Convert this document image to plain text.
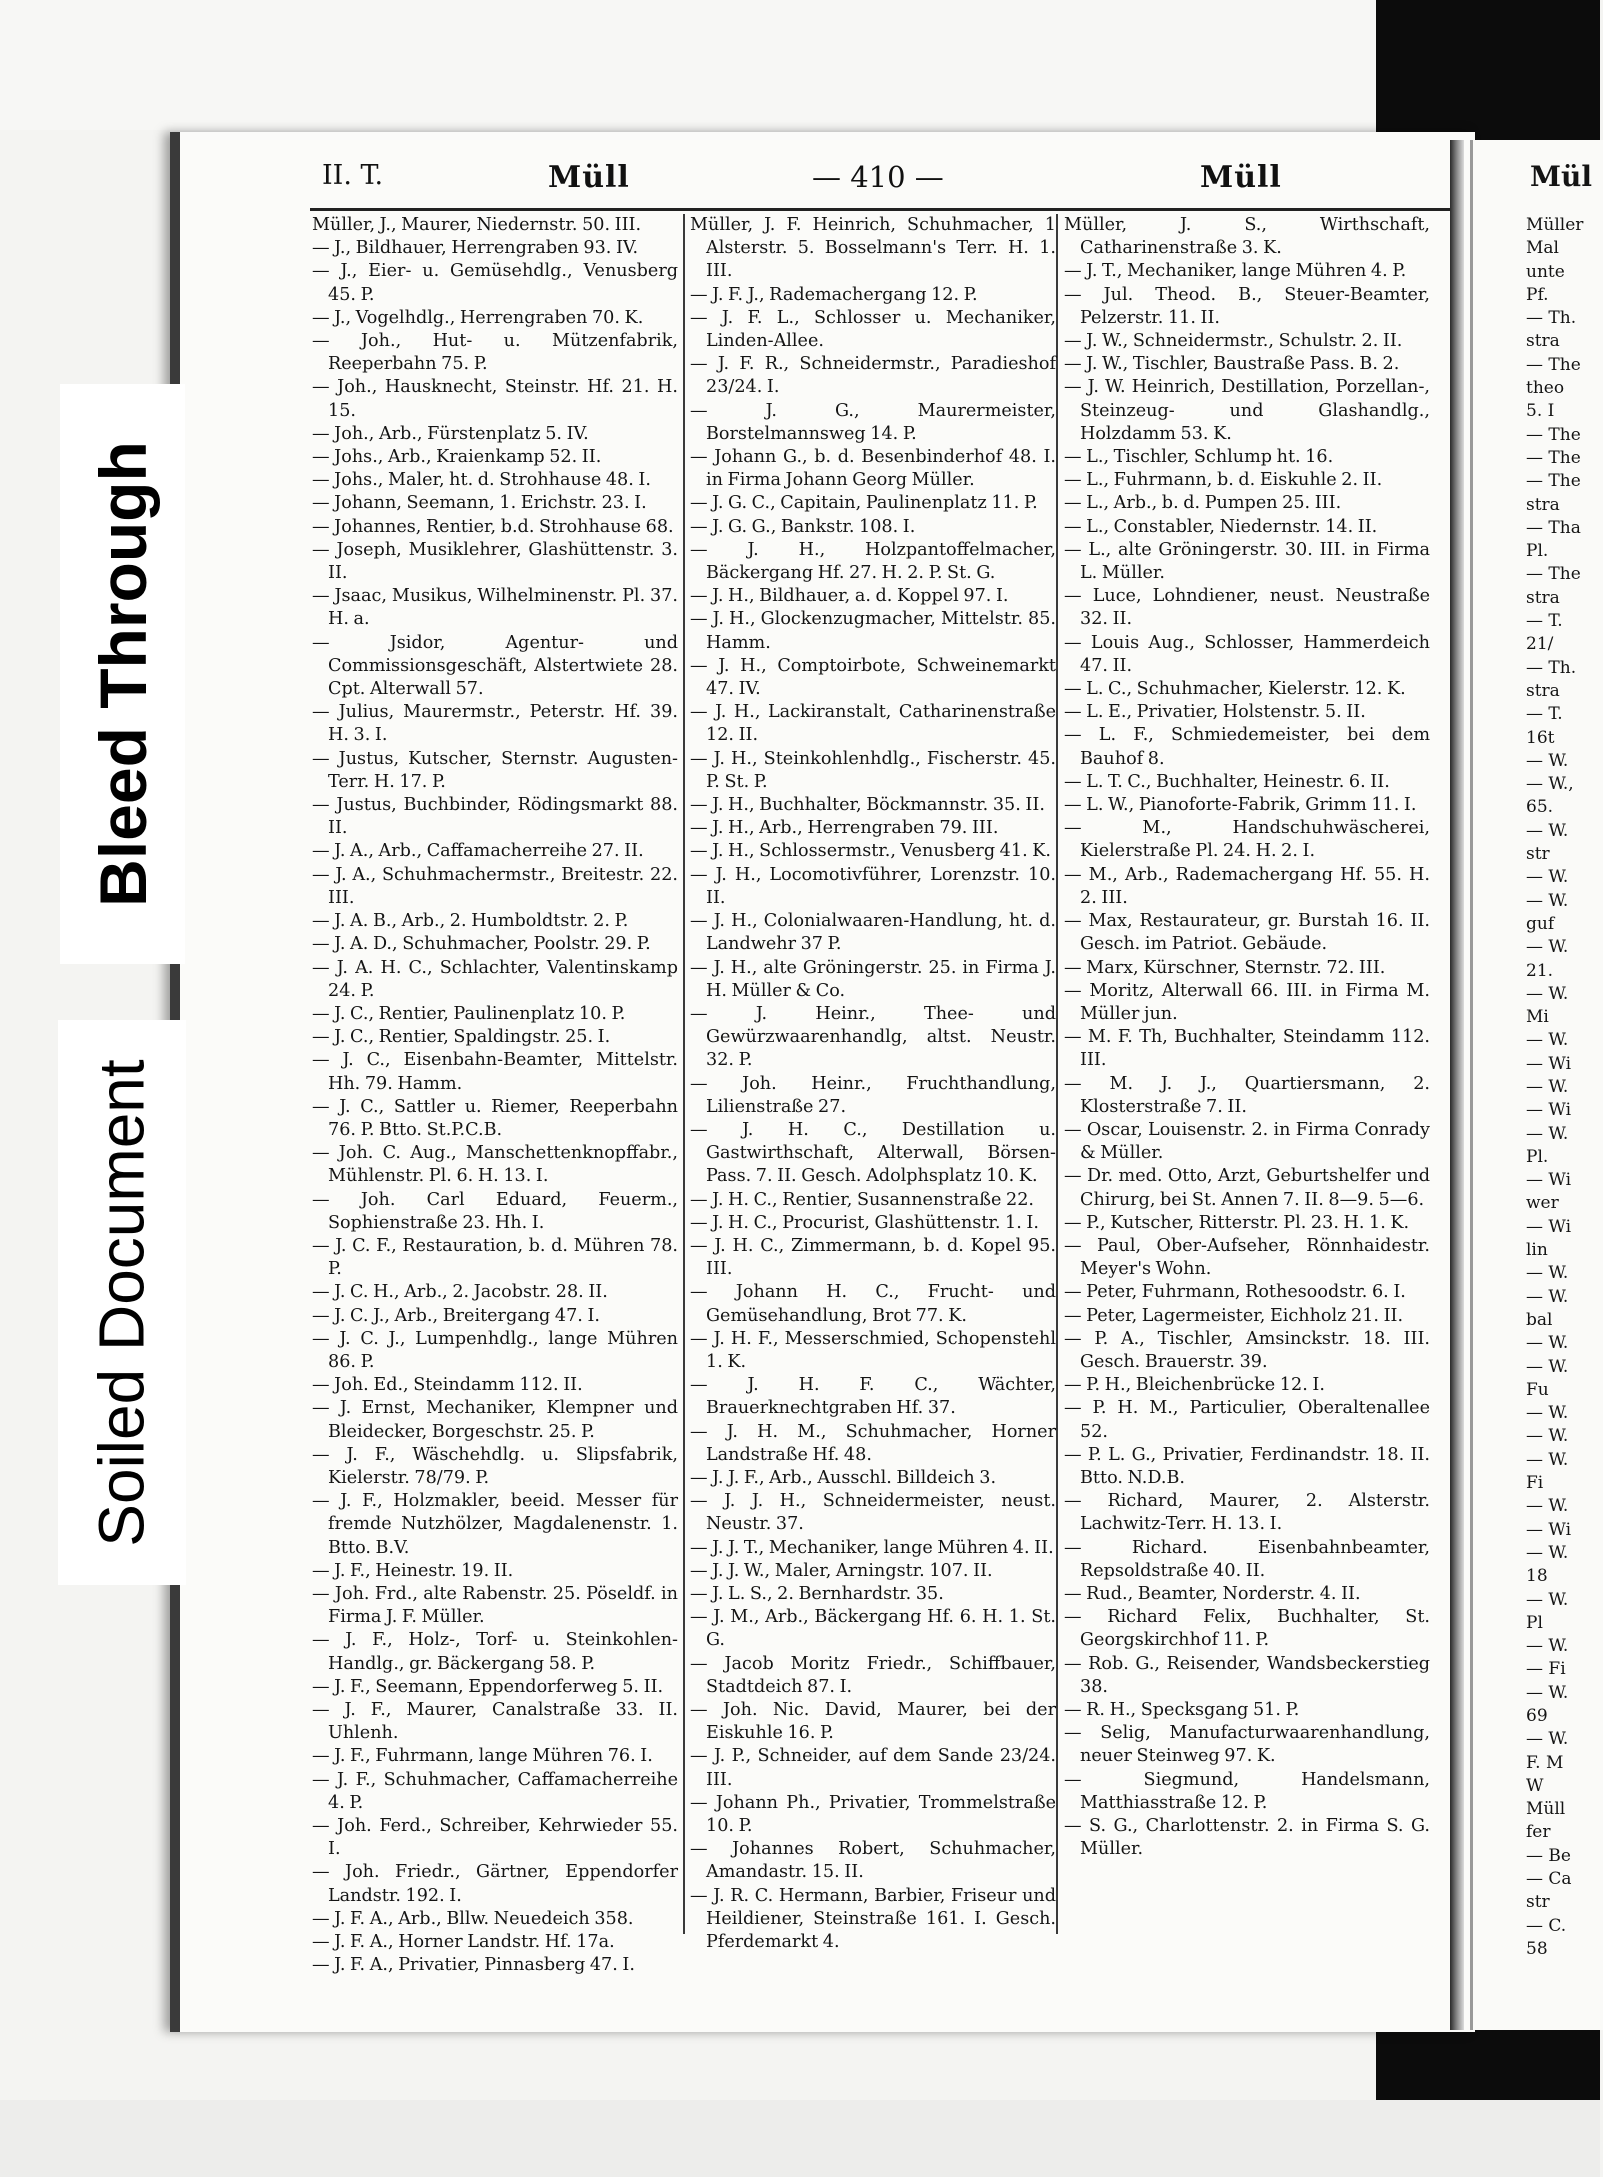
II. T.	Müll	— 410 —	Müll

Müller, J., Maurer, Niedernstr. 50. III.

— J., Bildhauer, Herrengraben 93. IV.

— J., Eier- u. Gemüsehdlg., Venusberg 45. P.

— J., Vogelhdlg., Herrengraben 70. K.

— Joh., Hut- u. Mützenfabrik, Reeperbahn 75. P.

— Joh., Hausknecht, Steinstr. Hf. 21. H. 15.

— Joh., Arb., Fürstenplatz 5. IV.

— Johs., Arb., Kraienkamp 52. II.

— Johs., Maler, ht. d. Strohhause 48. I.

— Johann, Seemann, 1. Erichstr. 23. I.

— Johannes, Rentier, b.d. Strohhause 68.

— Joseph, Musiklehrer, Glashüttenstr. 3. II.

— Jsaac, Musikus, Wilhelminenstr. Pl. 37. H. a.

— Jsidor, Agentur- und Commissionsgeschäft, Alstertwiete 28. Cpt. Alterwall 57.

— Julius, Maurermstr., Peterstr. Hf. 39. H. 3. I.

— Justus, Kutscher, Sternstr. Augusten-Terr. H. 17. P.

— Justus, Buchbinder, Rödingsmarkt 88. II.

— J. A., Arb., Caffamacherreihe 27. II.

— J. A., Schuhmachermstr., Breitestr. 22. III.

— J. A. B., Arb., 2. Humboldtstr. 2. P.

— J. A. D., Schuhmacher, Poolstr. 29. P.

— J. A. H. C., Schlachter, Valentinskamp 24. P.

— J. C., Rentier, Paulinenplatz 10. P.

— J. C., Rentier, Spaldingstr. 25. I.

— J. C., Eisenbahn-Beamter, Mittelstr. Hh. 79. Hamm.

— J. C., Sattler u. Riemer, Reeperbahn 76. P. Btto. St.P.C.B.

— Joh. C. Aug., Manschettenknopffabr., Mühlenstr. Pl. 6. H. 13. I.

— Joh. Carl Eduard, Feuerm., Sophienstraße 23. Hh. I.

— J. C. F., Restauration, b. d. Mühren 78. P.

— J. C. H., Arb., 2. Jacobstr. 28. II.

— J. C. J., Arb., Breitergang 47. I.

— J. C. J., Lumpenhdlg., lange Mühren 86. P.

— Joh. Ed., Steindamm 112. II.

— J. Ernst, Mechaniker, Klempner und Bleidecker, Borgeschstr. 25. P.

— J. F., Wäschehdlg. u. Slipsfabrik, Kielerstr. 78/79. P.

— J. F., Holzmakler, beeid. Messer für fremde Nutzhölzer, Magdalenenstr. 1. Btto. B.V.

— J. F., Heinestr. 19. II.

— Joh. Frd., alte Rabenstr. 25. Pöseldf. in Firma J. F. Müller.

— J. F., Holz-, Torf- u. Steinkohlen-Handlg., gr. Bäckergang 58. P.

— J. F., Seemann, Eppendorferweg 5. II.

— J. F., Maurer, Canalstraße 33. II. Uhlenh.

— J. F., Fuhrmann, lange Mühren 76. I.

— J. F., Schuhmacher, Caffamacherreihe 4. P.

— Joh. Ferd., Schreiber, Kehrwieder 55. I.

— Joh. Friedr., Gärtner, Eppendorfer Landstr. 192. I.

— J. F. A., Arb., Bllw. Neuedeich 358.

— J. F. A., Horner Landstr. Hf. 17a.

— J. F. A., Privatier, Pinnasberg 47. I.

Müller, J. F. Heinrich, Schuhmacher, 1 Alsterstr. 5. Bosselmann's Terr. H. 1. III.

— J. F. J., Rademachergang 12. P.

— J. F. L., Schlosser u. Mechaniker, Linden-Allee.

— J. F. R., Schneidermstr., Paradieshof 23/24. I.

— J. G., Maurermeister, Borstelmannsweg 14. P.

— Johann G., b. d. Besenbinderhof 48. I. in Firma Johann Georg Müller.

— J. G. C., Capitain, Paulinenplatz 11. P.

— J. G. G., Bankstr. 108. I.

— J. H., Holzpantoffelmacher, Bäckergang Hf. 27. H. 2. P. St. G.

— J. H., Bildhauer, a. d. Koppel 97. I.

— J. H., Glockenzugmacher, Mittelstr. 85. Hamm.

— J. H., Comptoirbote, Schweinemarkt 47. IV.

— J. H., Lackiranstalt, Catharinenstraße 12. II.

— J. H., Steinkohlenhdlg., Fischerstr. 45. P. St. P.

— J. H., Buchhalter, Böckmannstr. 35. II.

— J. H., Arb., Herrengraben 79. III.

— J. H., Schlossermstr., Venusberg 41. K.

— J. H., Locomotivführer, Lorenzstr. 10. II.

— J. H., Colonialwaaren-Handlung, ht. d. Landwehr 37 P.

— J. H., alte Gröningerstr. 25. in Firma J. H. Müller & Co.

— J. Heinr., Thee- und Gewürzwaarenhandlg, altst. Neustr. 32. P.

— Joh. Heinr., Fruchthandlung, Lilienstraße 27.

— J. H. C., Destillation u. Gastwirthschaft, Alterwall, Börsen-Pass. 7. II. Gesch. Adolphsplatz 10. K.

— J. H. C., Rentier, Susannenstraße 22.

— J. H. C., Procurist, Glashüttenstr. 1. I.

— J. H. C., Zimmermann, b. d. Kopel 95. III.

— Johann H. C., Frucht- und Gemüsehandlung, Brot 77. K.

— J. H. F., Messerschmied, Schopenstehl 1. K.

— J. H. F. C., Wächter, Brauerknechtgraben Hf. 37.

— J. H. M., Schuhmacher, Horner Landstraße Hf. 48.

— J. J. F., Arb., Ausschl. Billdeich 3.

— J. J. H., Schneidermeister, neust. Neustr. 37.

— J. J. T., Mechaniker, lange Mühren 4. II.

— J. J. W., Maler, Arningstr. 107. II.

— J. L. S., 2. Bernhardstr. 35.

— J. M., Arb., Bäckergang Hf. 6. H. 1. St. G.

— Jacob Moritz Friedr., Schiffbauer, Stadtdeich 87. I.

— Joh. Nic. David, Maurer, bei der Eiskuhle 16. P.

— J. P., Schneider, auf dem Sande 23/24. III.

— Johann Ph., Privatier, Trommelstraße 10. P.

— Johannes Robert, Schuhmacher, Amandastr. 15. II.

— J. R. C. Hermann, Barbier, Friseur und Heildiener, Steinstraße 161. I. Gesch. Pferdemarkt 4.

Müller, J. S., Wirthschaft, Catharinenstraße 3. K.

— J. T., Mechaniker, lange Mühren 4. P.

— Jul. Theod. B., Steuer-Beamter, Pelzerstr. 11. II.

— J. W., Schneidermstr., Schulstr. 2. II.

— J. W., Tischler, Baustraße Pass. B. 2.

— J. W. Heinrich, Destillation, Porzellan-, Steinzeug- und Glashandlg., Holzdamm 53. K.

— L., Tischler, Schlump ht. 16.

— L., Fuhrmann, b. d. Eiskuhle 2. II.

— L., Arb., b. d. Pumpen 25. III.

— L., Constabler, Niedernstr. 14. II.

— L., alte Gröningerstr. 30. III. in Firma L. Müller.

— Luce, Lohndiener, neust. Neustraße 32. II.

— Louis Aug., Schlosser, Hammerdeich 47. II.

— L. C., Schuhmacher, Kielerstr. 12. K.

— L. E., Privatier, Holstenstr. 5. II.

— L. F., Schmiedemeister, bei dem Bauhof 8.

— L. T. C., Buchhalter, Heinestr. 6. II.

— L. W., Pianoforte-Fabrik, Grimm 11. I.

— M., Handschuhwäscherei, Kielerstraße Pl. 24. H. 2. I.

— M., Arb., Rademachergang Hf. 55. H. 2. III.

— Max, Restaurateur, gr. Burstah 16. II. Gesch. im Patriot. Gebäude.

— Marx, Kürschner, Sternstr. 72. III.

— Moritz, Alterwall 66. III. in Firma M. Müller jun.

— M. F. Th, Buchhalter, Steindamm 112. III.

— M. J. J., Quartiersmann, 2. Klosterstraße 7. II.

— Oscar, Louisenstr. 2. in Firma Conrady & Müller.

— Dr. med. Otto, Arzt, Geburtshelfer und Chirurg, bei St. Annen 7. II. 8—9. 5—6.

— P., Kutscher, Ritterstr. Pl. 23. H. 1. K.

— Paul, Ober-Aufseher, Rönnhaidestr. Meyer's Wohn.

— Peter, Fuhrmann, Rothesoodstr. 6. I.

— Peter, Lagermeister, Eichholz 21. II.

— P. A., Tischler, Amsinckstr. 18. III. Gesch. Brauerstr. 39.

— P. H., Bleichenbrücke 12. I.

— P. H. M., Particulier, Oberaltenallee 52.

— P. L. G., Privatier, Ferdinandstr. 18. II. Btto. N.D.B.

— Richard, Maurer, 2. Alsterstr. Lachwitz-Terr. H. 13. I.

— Richard. Eisenbahnbeamter, Repsoldstraße 40. II.

— Rud., Beamter, Norderstr. 4. II.

— Richard Felix, Buchhalter, St. Georgskirchhof 11. P.

— Rob. G., Reisender, Wandsbeckerstieg 38.

— R. H., Specksgang 51. P.

— Selig, Manufacturwaarenhandlung, neuer Steinweg 97. K.

— Siegmund, Handelsmann, Matthiasstraße 12. P.

— S. G., Charlottenstr. 2. in Firma S. G. Müller.

Mül
Müller
Mal
unte
Pf.
— Th.
stra
— The
theo
5. I
— The
— The
— The
stra
— Tha
Pl.
— The
stra
— T.
21/
— Th.
stra
— T.
16t
— W.
— W.,
65.
— W.
str
— W.
— W.
guf
— W.
21.
— W.
Mi
— W.
— Wi
— W.
— Wi
— W.
Pl.
— Wi
wer
— Wi
lin
— W.
— W.
bal
— W.
— W.
Fu
— W.
— W.
— W.
Fi
— W.
— Wi
— W.
18
— W.
Pl
— W.
— Fi
— W.
69
— W.
F. M
W
Müll
fer
— Be
— Ca
str
— C.
58
Bleed Through
Soiled Document
